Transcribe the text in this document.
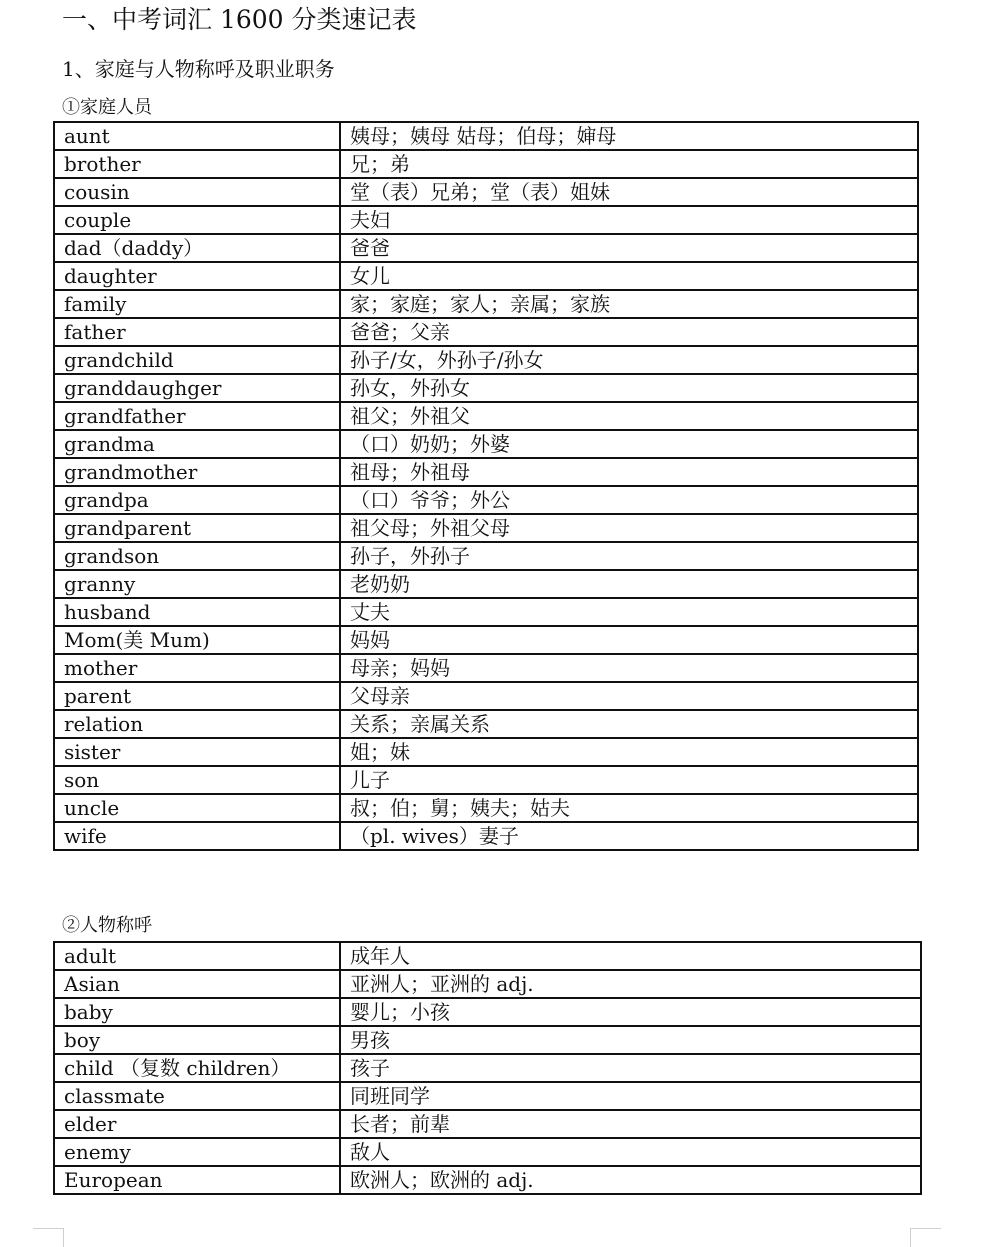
一、中考词汇 1600 分类速记表
1、家庭与人物称呼及职业职务
①家庭人员
aunt	姨母；姨母 姑母；伯母；婶母
brother	兄；弟
cousin	堂（表）兄弟；堂（表）姐妹
couple	夫妇
dad（daddy）	爸爸
daughter	女儿
family	家；家庭；家人；亲属；家族
father	爸爸；父亲
grandchild	孙子/女，外孙子/孙女
granddaughger	孙女，外孙女
grandfather	祖父；外祖父
grandma	（口）奶奶；外婆
grandmother	祖母；外祖母
grandpa	（口）爷爷；外公
grandparent	祖父母；外祖父母
grandson	孙子，外孙子
granny	老奶奶
husband	丈夫
Mom(美 Mum)	妈妈
mother	母亲；妈妈
parent	父母亲
relation	关系；亲属关系
sister	姐；妹
son	儿子
uncle	叔；伯；舅；姨夫；姑夫
wife	（pl. wives）妻子
②人物称呼
adult	成年人
Asian	亚洲人；亚洲的 adj.
baby	婴儿；小孩
boy	男孩
child （复数 children）	孩子
classmate	同班同学
elder	长者；前辈
enemy	敌人
European	欧洲人；欧洲的 adj.
